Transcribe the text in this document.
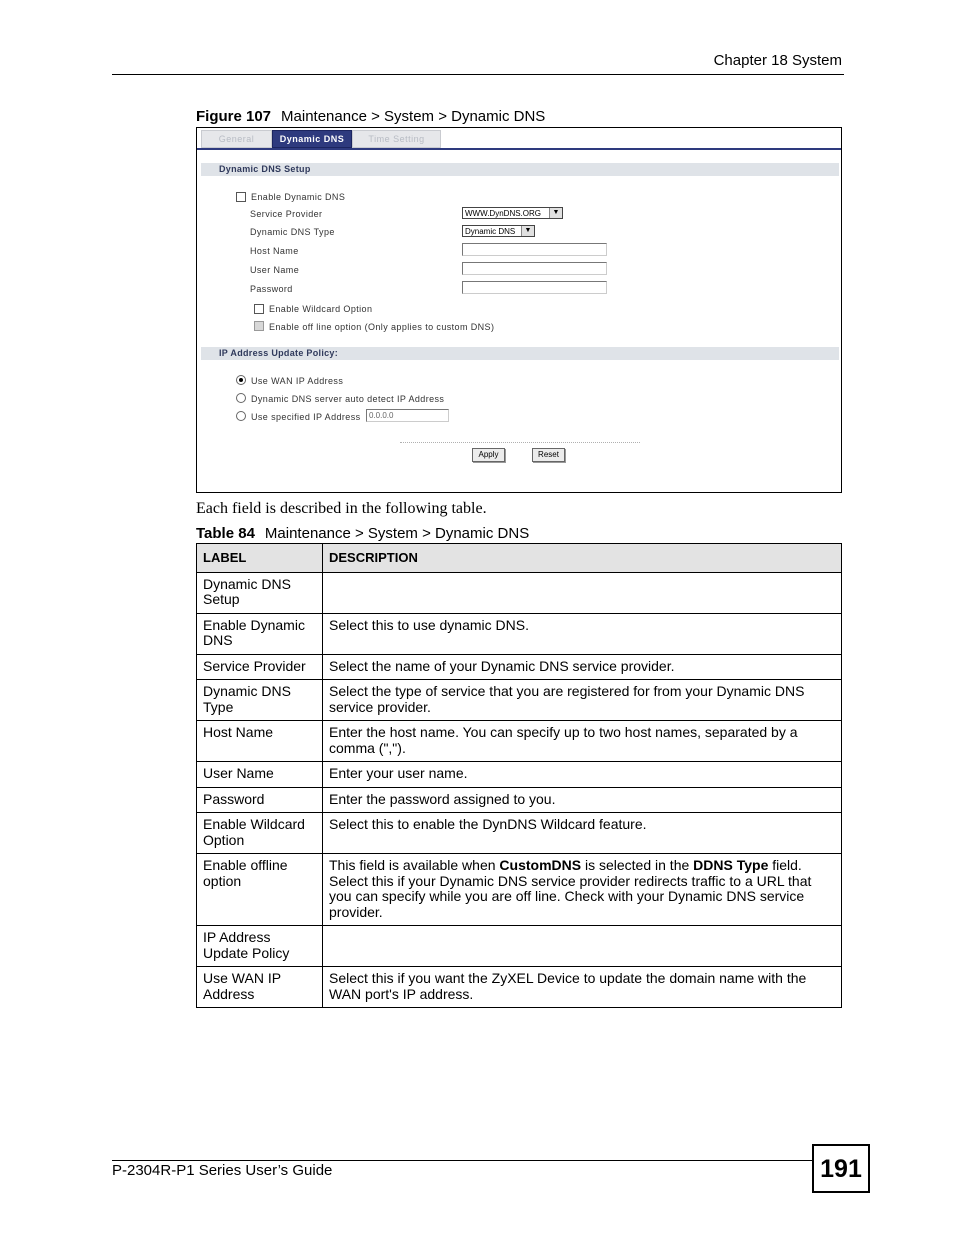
Chapter 18 System
Figure 107 Maintenance > System > Dynamic DNS
General	Dynamic DNS	Time Setting
Dynamic DNS Setup
Enable Dynamic DNS
Service Provider	WWW.DynDNS.ORG	▼
Dynamic DNS Type	Dynamic DNS	▼
Host Name
User Name
Password
Enable Wildcard Option
Enable off line option (Only applies to custom DNS)
IP Address Update Policy:
Use WAN IP Address
Dynamic DNS server auto detect IP Address
Use specified IP Address	0.0.0.0
Apply	Reset
Each field is described in the following table.
Table 84 Maintenance > System > Dynamic DNS
LABEL	DESCRIPTION
Dynamic DNS Setup	
Enable Dynamic DNS	Select this to use dynamic DNS.
Service Provider	Select the name of your Dynamic DNS service provider.
Dynamic DNS Type	Select the type of service that you are registered for from your Dynamic DNS service provider.
Host Name	Enter the host name. You can specify up to two host names, separated by a comma (",").
User Name	Enter your user name.
Password	Enter the password assigned to you.
Enable Wildcard Option	Select this to enable the DynDNS Wildcard feature.
Enable offline option	This field is available when CustomDNS is selected in the DDNS Type field. Select this if your Dynamic DNS service provider redirects traffic to a URL that you can specify while you are off line. Check with your Dynamic DNS service provider.
IP Address Update Policy	
Use WAN IP Address	Select this if you want the ZyXEL Device to update the domain name with the WAN port's IP address.
P-2304R-P1 Series User’s Guide	191
